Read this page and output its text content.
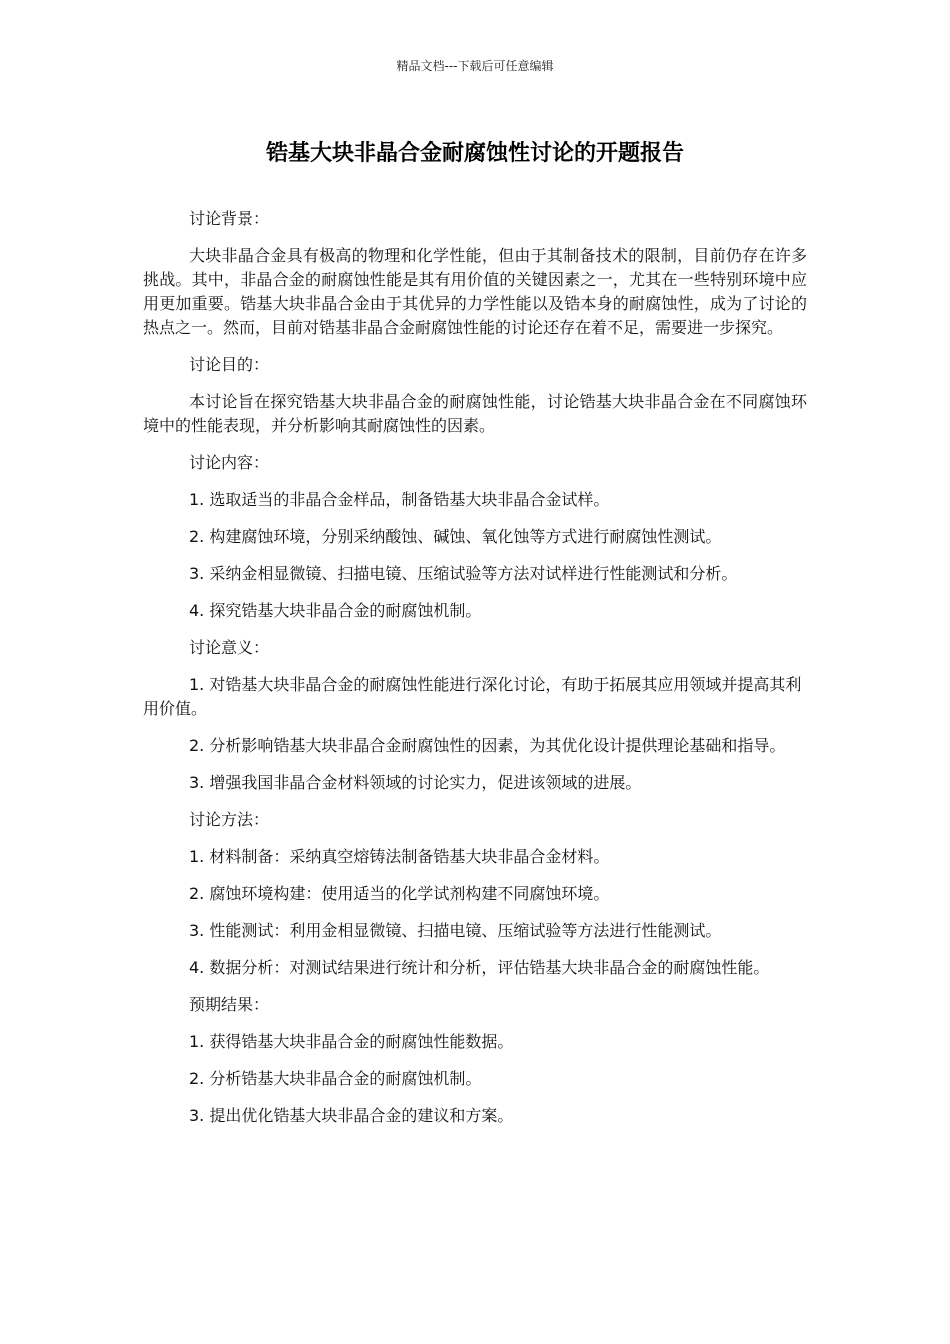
精品文档---下载后可任意编辑
锆基大块非晶合金耐腐蚀性讨论的开题报告

讨论背景：

大块非晶合金具有极高的物理和化学性能，但由于其制备技术的限制，目前仍存在许多挑战。其中，非晶合金的耐腐蚀性能是其有用价值的关键因素之一，尤其在一些特别环境中应用更加重要。锆基大块非晶合金由于其优异的力学性能以及锆本身的耐腐蚀性，成为了讨论的热点之一。然而，目前对锆基非晶合金耐腐蚀性能的讨论还存在着不足，需要进一步探究。

讨论目的：

本讨论旨在探究锆基大块非晶合金的耐腐蚀性能，讨论锆基大块非晶合金在不同腐蚀环境中的性能表现，并分析影响其耐腐蚀性的因素。

讨论内容：

1. 选取适当的非晶合金样品，制备锆基大块非晶合金试样。
2. 构建腐蚀环境，分别采纳酸蚀、碱蚀、氧化蚀等方式进行耐腐蚀性测试。
3. 采纳金相显微镜、扫描电镜、压缩试验等方法对试样进行性能测试和分析。
4. 探究锆基大块非晶合金的耐腐蚀机制。

讨论意义：

1. 对锆基大块非晶合金的耐腐蚀性能进行深化讨论，有助于拓展其应用领域并提高其利用价值。
2. 分析影响锆基大块非晶合金耐腐蚀性的因素，为其优化设计提供理论基础和指导。
3. 增强我国非晶合金材料领域的讨论实力，促进该领域的进展。

讨论方法：

1. 材料制备：采纳真空熔铸法制备锆基大块非晶合金材料。
2. 腐蚀环境构建：使用适当的化学试剂构建不同腐蚀环境。
3. 性能测试：利用金相显微镜、扫描电镜、压缩试验等方法进行性能测试。
4. 数据分析：对测试结果进行统计和分析，评估锆基大块非晶合金的耐腐蚀性能。

预期结果：

1. 获得锆基大块非晶合金的耐腐蚀性能数据。
2. 分析锆基大块非晶合金的耐腐蚀机制。
3. 提出优化锆基大块非晶合金的建议和方案。
